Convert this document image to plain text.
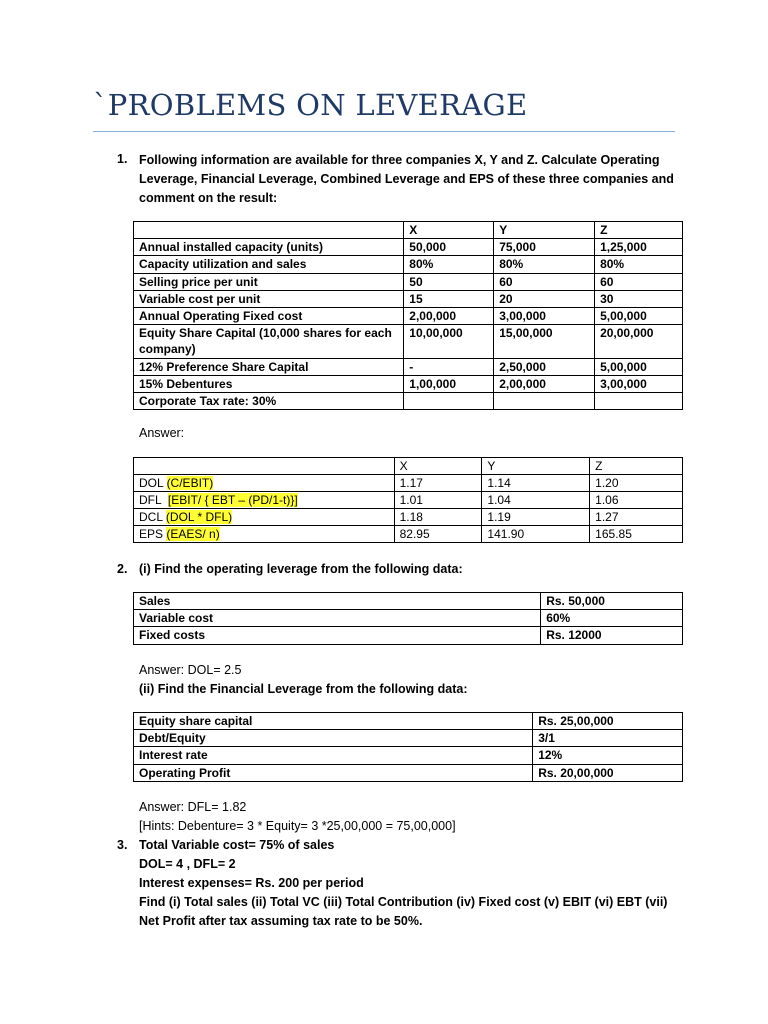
`PROBLEMS ON LEVERAGE
1. Following information are available for three companies X, Y and Z. Calculate Operating Leverage, Financial Leverage, Combined Leverage and EPS of these three companies and comment on the result:
	X	Y	Z
Annual installed capacity (units)	50,000	75,000	1,25,000
Capacity utilization and sales	80%	80%	80%
Selling price per unit	50	60	60
Variable cost per unit	15	20	30
Annual Operating Fixed cost	2,00,000	3,00,000	5,00,000
Equity Share Capital (10,000 shares for each company)	10,00,000	15,00,000	20,00,000
12% Preference Share Capital	-	2,50,000	5,00,000
15% Debentures	1,00,000	2,00,000	3,00,000
Corporate Tax rate: 30%			
Answer:
	X	Y	Z
DOL (C/EBIT)	1.17	1.14	1.20
DFL  [EBIT/ { EBT – (PD/1-t)}]	1.01	1.04	1.06
DCL (DOL * DFL)	1.18	1.19	1.27
EPS (EAES/ n)	82.95	141.90	165.85
2. (i) Find the operating leverage from the following data:
Sales	Rs. 50,000
Variable cost	60%
Fixed costs	Rs. 12000
Answer: DOL= 2.5
(ii) Find the Financial Leverage from the following data:
Equity share capital	Rs. 25,00,000
Debt/Equity	3/1
Interest rate	12%
Operating Profit	Rs. 20,00,000
Answer: DFL= 1.82
[Hints: Debenture= 3 * Equity= 3 *25,00,000 = 75,00,000]
3. Total Variable cost= 75% of sales
DOL= 4 , DFL= 2
Interest expenses= Rs. 200 per period
Find (i) Total sales (ii) Total VC (iii) Total Contribution (iv) Fixed cost (v) EBIT (vi) EBT (vii)
Net Profit after tax assuming tax rate to be 50%.
